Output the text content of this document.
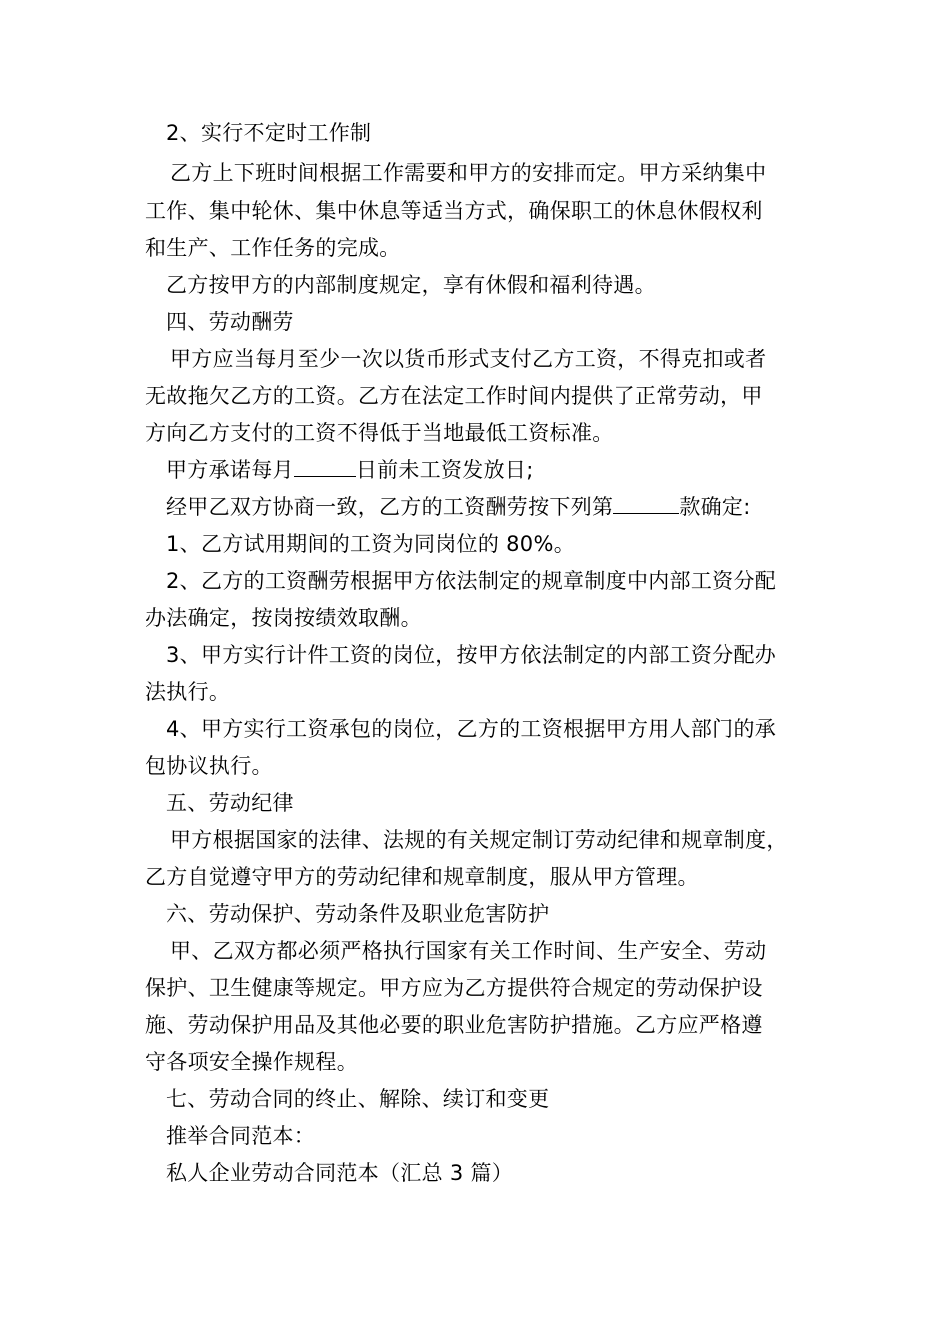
2、实行不定时工作制
乙方上下班时间根据工作需要和甲方的安排而定。甲方采纳集中
工作、集中轮休、集中休息等适当方式，确保职工的休息休假权利
和生产、工作任务的完成。
乙方按甲方的内部制度规定，享有休假和福利待遇。
四、劳动酬劳
甲方应当每月至少一次以货币形式支付乙方工资，不得克扣或者
无故拖欠乙方的工资。乙方在法定工作时间内提供了正常劳动，甲
方向乙方支付的工资不得低于当地最低工资标准。
甲方承诺每月	日前未工资发放日;
经甲乙双方协商一致，乙方的工资酬劳按下列第	款确定:
1、乙方试用期间的工资为同岗位的 80%。
2、乙方的工资酬劳根据甲方依法制定的规章制度中内部工资分配
办法确定，按岗按绩效取酬。
3、甲方实行计件工资的岗位，按甲方依法制定的内部工资分配办
法执行。
4、甲方实行工资承包的岗位，乙方的工资根据甲方用人部门的承
包协议执行。
五、劳动纪律
甲方根据国家的法律、法规的有关规定制订劳动纪律和规章制度，
乙方自觉遵守甲方的劳动纪律和规章制度，服从甲方管理。
六、劳动保护、劳动条件及职业危害防护
甲、乙双方都必须严格执行国家有关工作时间、生产安全、劳动
保护、卫生健康等规定。甲方应为乙方提供符合规定的劳动保护设
施、劳动保护用品及其他必要的职业危害防护措施。乙方应严格遵
守各项安全操作规程。
七、劳动合同的终止、解除、续订和变更
推举合同范本：
私人企业劳动合同范本（汇总 3 篇）
